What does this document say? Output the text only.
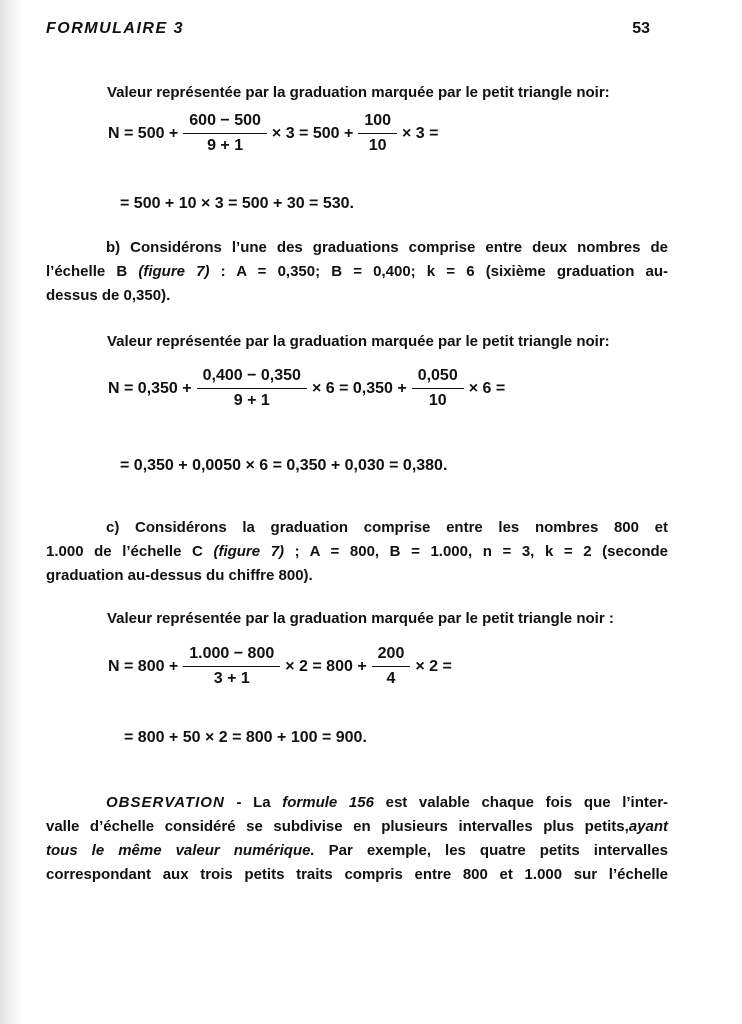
FORMULAIRE 3	53
Valeur représentée par la graduation marquée par le petit triangle noir:
$N = 500 + \frac{600 - 500}{9 + 1} \times 3 = 500 + \frac{100}{10} \times 3$ =
= 500 + 10 × 3 = 500 + 30 = 530.
b) Considérons l’une des graduations comprise entre deux nombres de
l’échelle B (figure 7) : A = 0,350; B = 0,400; k = 6 (sixième graduation au-
dessus de 0,350).
Valeur représentée par la graduation marquée par le petit triangle noir:
$N = 0,350 + \frac{0,400 - 0,350}{9 + 1} \times 6 = 0,350 + \frac{0,050}{10} \times 6$ =
= 0,350 + 0,0050 × 6 = 0,350 + 0,030 = 0,380.
c) Considérons la graduation comprise entre les nombres 800 et
1.000 de l’échelle C (figure 7) ; A = 800, B = 1.000, n = 3, k = 2 (seconde
graduation au-dessus du chiffre 800).
Valeur représentée par la graduation marquée par le petit triangle noir :
$N = 800 + \frac{1.000 - 800}{3 + 1} \times 2 = 800 + \frac{200}{4} \times 2$ =
= 800 + 50 × 2 = 800 + 100 = 900.
OBSERVATION - La formule 156 est valable chaque fois que l’inter-
valle d’échelle considéré se subdivise en plusieurs intervalles plus petits,ayant
tous le même valeur numérique. Par exemple, les quatre petits intervalles
correspondant aux trois petits traits compris entre 800 et 1.000 sur l’échelle
